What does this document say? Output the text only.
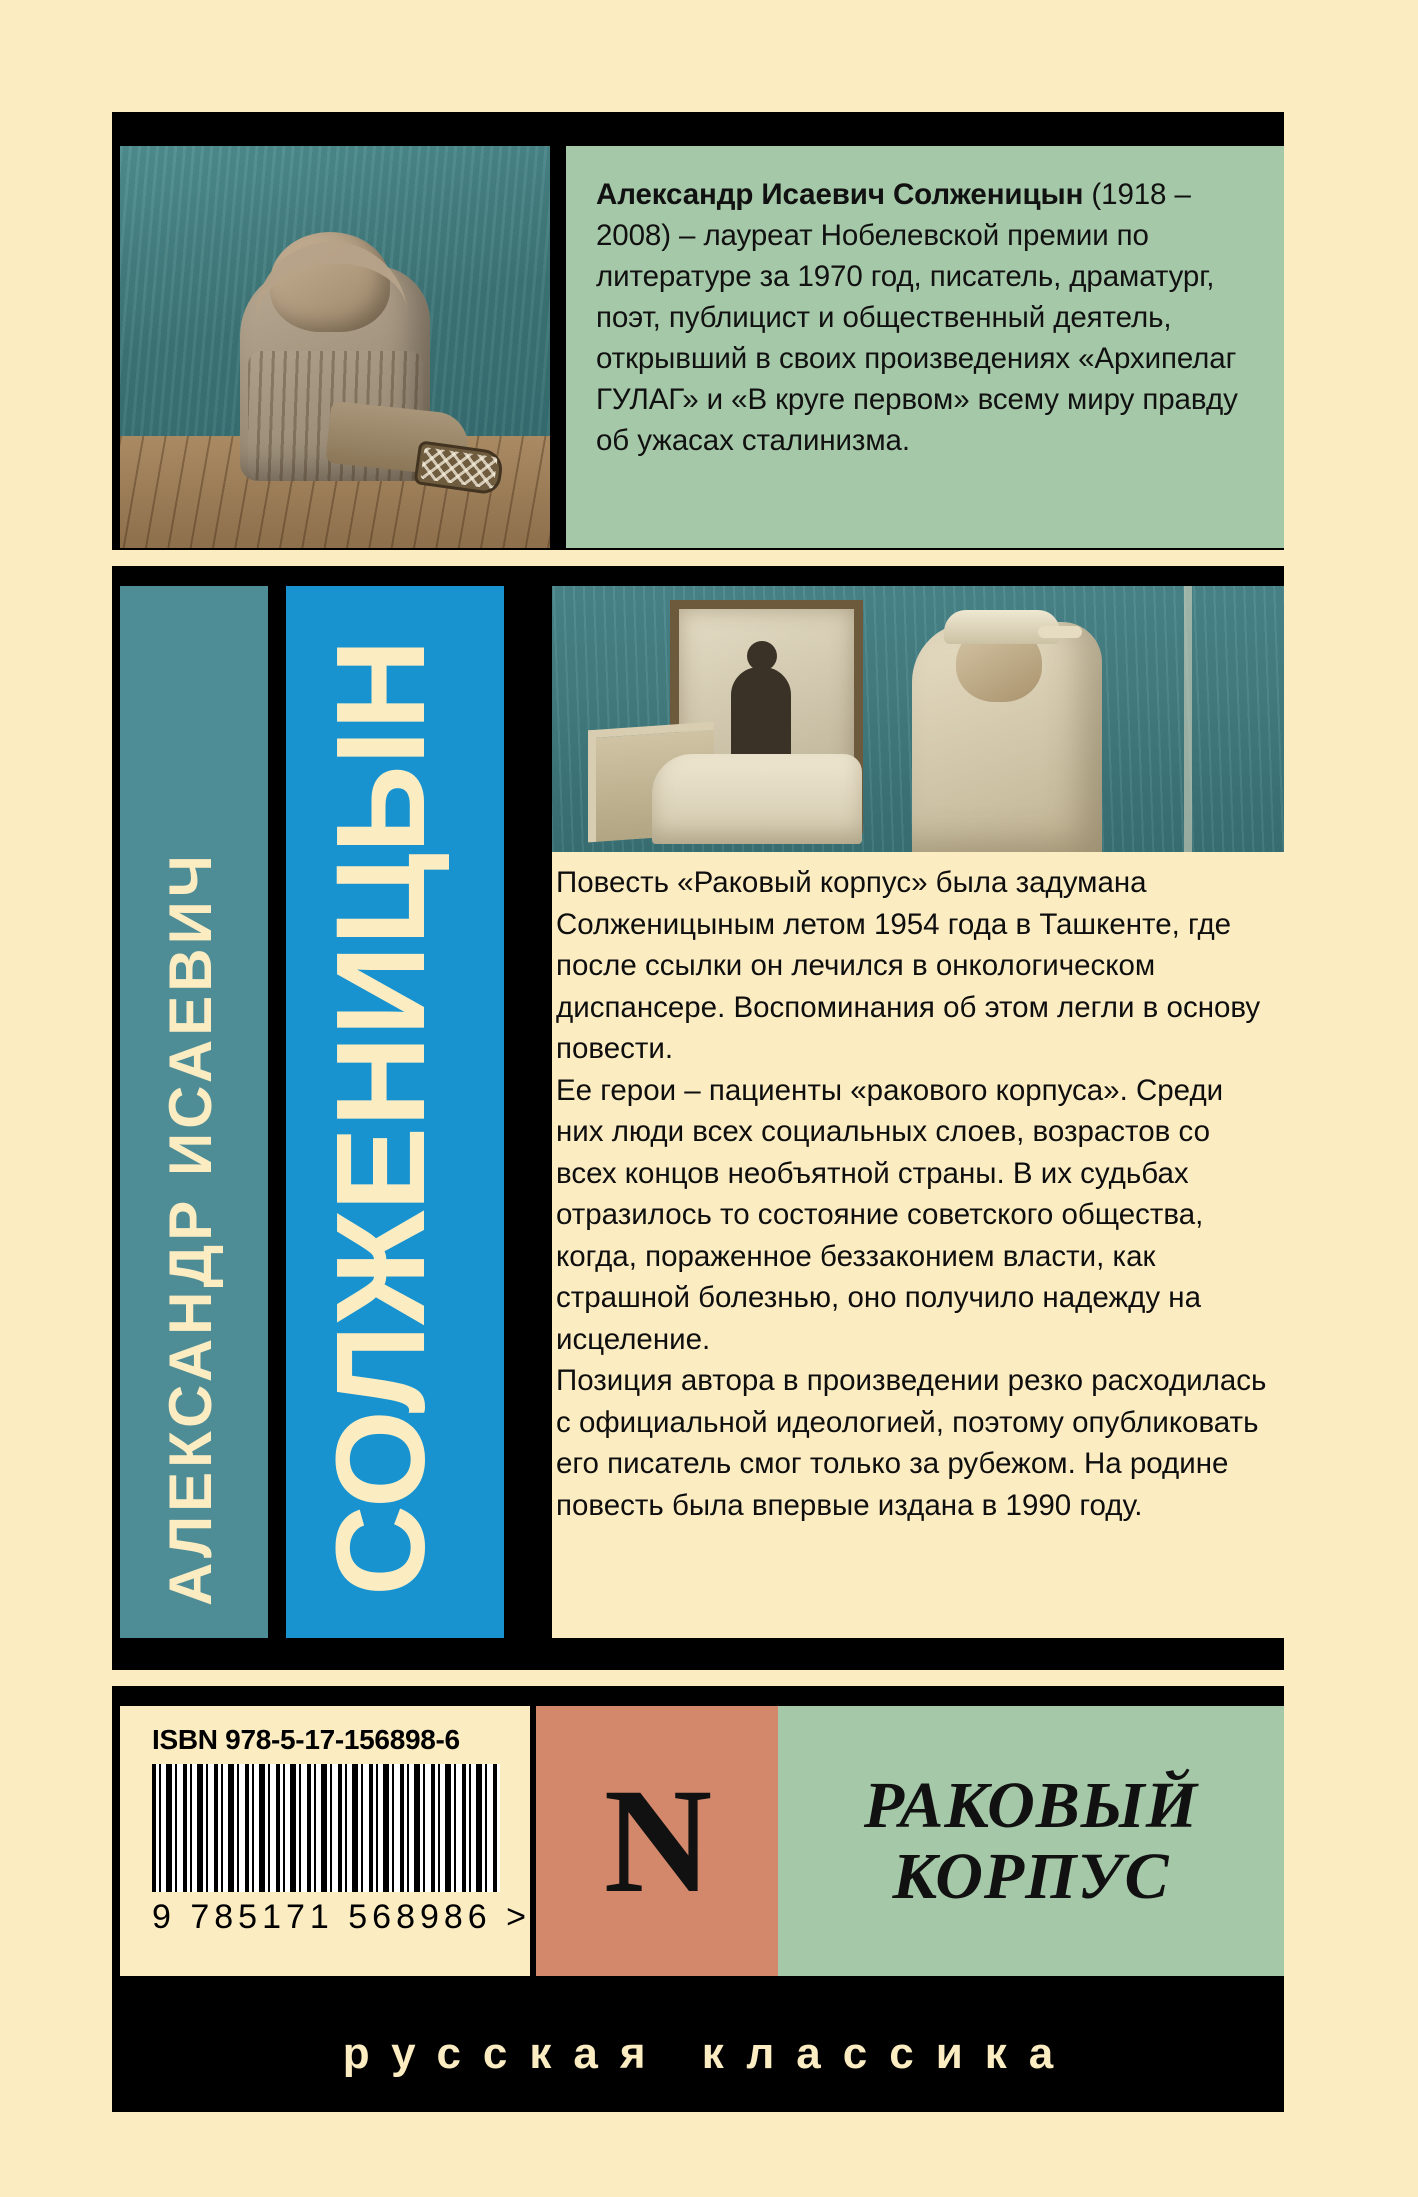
Александр Исаевич Солженицын (1918 – 2008) – лауреат Нобелевской премии по литературе за 1970 год, писатель, драматург, поэт, публицист и общественный деятель, открывший в своих произведениях «Архипелаг ГУЛАГ» и «В круге первом» всему миру правду об ужасах сталинизма.
АЛЕКСАНДР ИСАЕВИЧ СОЛЖЕНИЦЫН	Повесть «Раковый корпус» была задумана Солженицыным летом 1954 года в Ташкенте, где после ссылки он лечился в онкологическом диспансере. Воспоминания об этом легли в основу повести.

Ее герои – пациенты «ракового корпуса». Среди них люди всех социальных слоев, возрастов со всех концов необъятной страны. В их судьбах отразилось то состояние советского общества, когда, пораженное беззаконием власти, как страшной болезнью, оно получило надежду на исцеление.

Позиция автора в произведении резко расходилась с официальной идеологией, поэтому опубликовать его писатель смог только за рубежом. На родине повесть была впервые издана в 1990 году.

ISBN 978-5-17-156898-6
9 785171 568986 > N РАКОВЫЙ
КОРПУС
русская классика
